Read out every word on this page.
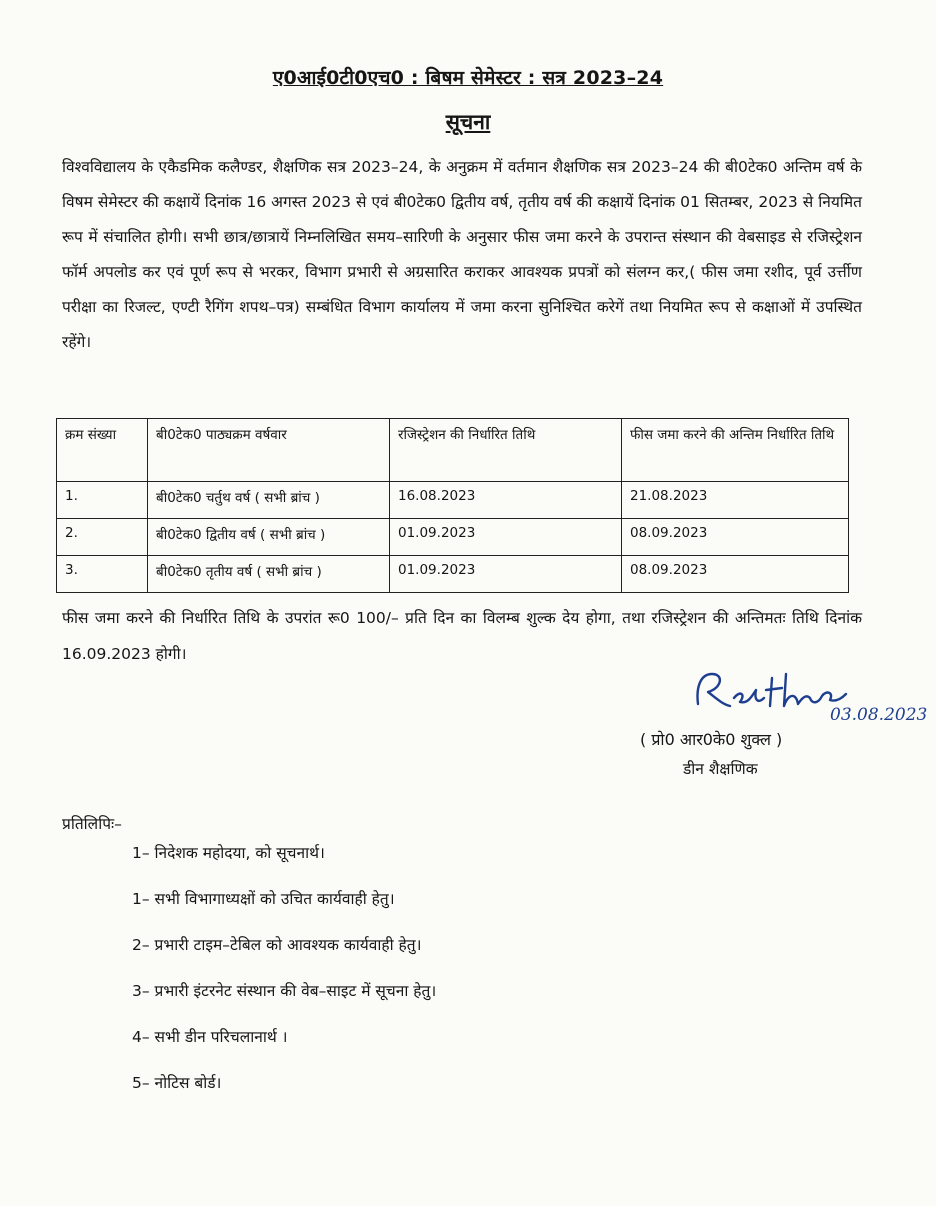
ए0आई0टी0एच0 : बिषम सेमेस्टर : सत्र 2023–24
सूचना
विश्वविद्यालय के एकैडमिक कलैण्डर, शैक्षणिक सत्र 2023–24, के अनुक्रम में वर्तमान शैक्षणिक सत्र 2023–24 की बी0टेक0 अन्तिम वर्ष के विषम सेमेस्टर की कक्षायें दिनांक 16 अगस्त 2023 से एवं बी0टेक0 द्वितीय वर्ष, तृतीय वर्ष की कक्षायें दिनांक 01 सितम्बर, 2023 से नियमित रूप में संचालित होगी। सभी छात्र/छात्रायें निम्नलिखित समय–सारिणी के अनुसार फीस जमा करने के उपरान्त संस्थान की वेबसाइड से रजिस्ट्रेशन फॉर्म अपलोड कर एवं पूर्ण रूप से भरकर, विभाग प्रभारी से अग्रसारित कराकर आवश्यक प्रपत्रों को संलग्न कर,( फीस जमा रशीद, पूर्व उर्त्तीण परीक्षा का रिजल्ट, एण्टी रैगिंग शपथ–पत्र) सम्बंधित विभाग कार्यालय में जमा करना सुनिश्चित करेगें तथा नियमित रूप से कक्षाओं में उपस्थित रहेंगे।
क्रम संख्या	बी0टेक0 पाठ्यक्रम वर्षवार	रजिस्ट्रेशन की निर्धारित तिथि	फीस जमा करने की अन्तिम निर्धारित तिथि
1.	बी0टेक0 चर्तुथ वर्ष ( सभी ब्रांच )	16.08.2023	21.08.2023
2.	बी0टेक0 द्वितीय वर्ष ( सभी ब्रांच )	01.09.2023	08.09.2023
3.	बी0टेक0 तृतीय वर्ष ( सभी ब्रांच )	01.09.2023	08.09.2023
फीस जमा करने की निर्धारित तिथि के उपरांत रू0 100/– प्रति दिन का विलम्ब शुल्क देय होगा, तथा रजिस्ट्रेशन की अन्तिमतः तिथि दिनांक 16.09.2023 होगी।
03.08.2023
( प्रो0 आर0के0 शुक्ल )
डीन शैक्षणिक
प्रतिलिपिः–
1– निदेशक महोदया, को सूचनार्थ।
1– सभी विभागाध्यक्षों को उचित कार्यवाही हेतु।
2– प्रभारी टाइम–टेबिल को आवश्यक कार्यवाही हेतु।
3– प्रभारी इंटरनेट संस्थान की वेब–साइट में सूचना हेतु।
4– सभी डीन परिचलानार्थ ।
5– नोटिस बोर्ड।
